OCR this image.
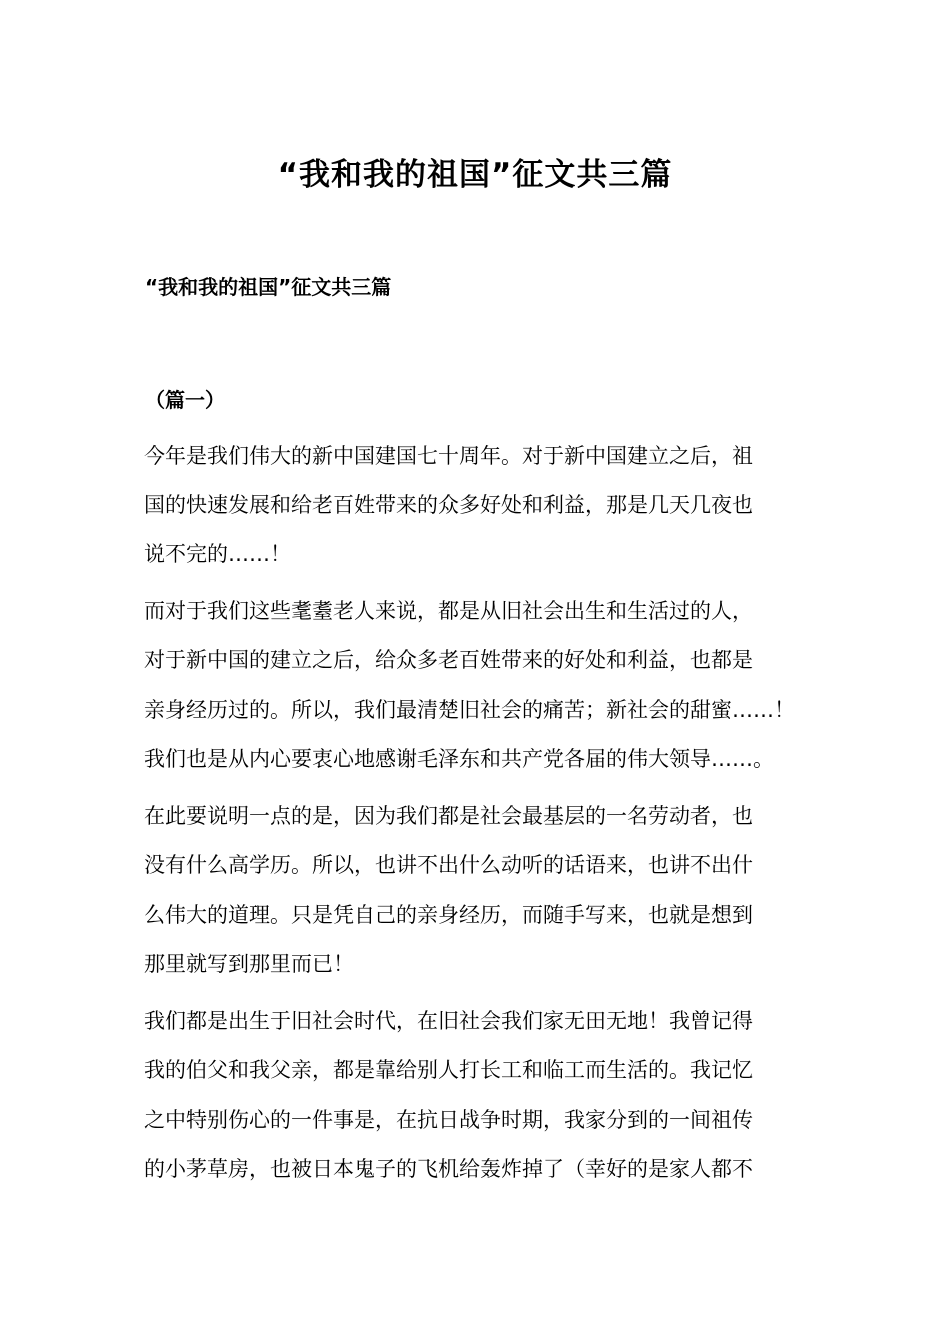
“我和我的祖国”征文共三篇
“我和我的祖国”征文共三篇
（篇一）
今年是我们伟大的新中国建国七十周年。对于新中国建立之后，祖
国的快速发展和给老百姓带来的众多好处和利益，那是几天几夜也
说不完的……！
而对于我们这些耄耋老人来说，都是从旧社会出生和生活过的人，
对于新中国的建立之后，给众多老百姓带来的好处和利益，也都是
亲身经历过的。所以，我们最清楚旧社会的痛苦；新社会的甜蜜……！
我们也是从内心要衷心地感谢毛泽东和共产党各届的伟大领导……。
在此要说明一点的是，因为我们都是社会最基层的一名劳动者，也
没有什么高学历。所以，也讲不出什么动听的话语来，也讲不出什
么伟大的道理。只是凭自己的亲身经历，而随手写来，也就是想到
那里就写到那里而已！
我们都是出生于旧社会时代，在旧社会我们家无田无地！我曾记得
我的伯父和我父亲，都是靠给别人打长工和临工而生活的。我记忆
之中特别伤心的一件事是，在抗日战争时期，我家分到的一间祖传
的小茅草房，也被日本鬼子的飞机给轰炸掉了（幸好的是家人都不
